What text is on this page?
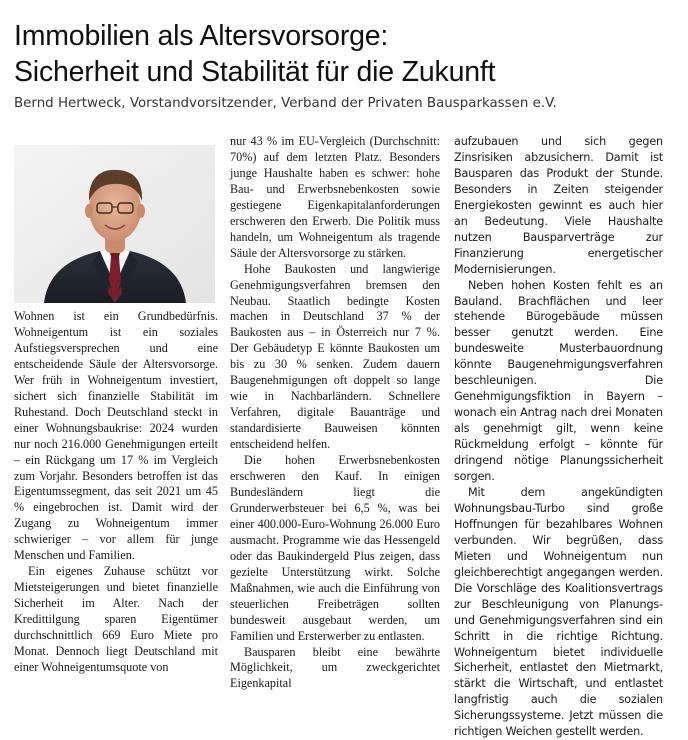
Immobilien als Altersvorsorge:
Sicherheit und Stabilität für die Zukunft
Bernd Hertweck, Vorstandvorsitzender, Verband der Privaten Bausparkassen e.V.

Wohnen ist ein Grundbedürfnis. Wohneigentum ist ein soziales Aufstiegsversprechen und eine entscheidende Säule der Altersvorsorge. Wer früh in Wohneigentum investiert, sichert sich finanzielle Stabilität im Ruhestand. Doch Deutschland steckt in einer Wohnungsbaukrise: 2024 wurden nur noch 216.000 Genehmigungen erteilt – ein Rückgang um 17 % im Vergleich zum Vorjahr. Besonders betroffen ist das Eigentumssegment, das seit 2021 um 45 % eingebrochen ist. Damit wird der Zugang zu Wohneigentum immer schwieriger – vor allem für junge Menschen und Familien.

Ein eigenes Zuhause schützt vor Mietsteigerungen und bietet finanzielle Sicherheit im Alter. Nach der Kredittilgung sparen Eigentümer durchschnittlich 669 Euro Miete pro Monat. Dennoch liegt Deutschland mit einer Wohneigentumsquote von

nur 43 % im EU-Vergleich (Durchschnitt: 70%) auf dem letzten Platz. Besonders junge Haushalte haben es schwer: hohe Bau- und Erwerbsnebenkosten sowie gestiegene Eigenkapitalanforderungen erschweren den Erwerb. Die Politik muss handeln, um Wohneigentum als tragende Säule der Altersvorsorge zu stärken.

Hohe Baukosten und langwierige Genehmigungsverfahren bremsen den Neubau. Staatlich bedingte Kosten machen in Deutschland 37 % der Baukosten aus – in Österreich nur 7 %. Der Gebäudetyp E könnte Baukosten um bis zu 30 % senken. Zudem dauern Baugenehmigungen oft doppelt so lange wie in Nachbarländern. Schnellere Verfahren, digitale Bauanträge und standardisierte Bauweisen könnten entscheidend helfen.

Die hohen Erwerbsnebenkosten erschweren den Kauf. In einigen Bundesländern liegt die Grunderwerbsteuer bei 6,5 %, was bei einer 400.000-Euro-Wohnung 26.000 Euro ausmacht. Programme wie das Hessengeld oder das Baukindergeld Plus zeigen, dass gezielte Unterstützung wirkt. Solche Maßnahmen, wie auch die Einführung von steuerlichen Freibeträgen sollten bundesweit ausgebaut werden, um Familien und Ersterwerber zu entlasten.

Bausparen bleibt eine bewährte Möglichkeit, um zweckgerichtet Eigenkapital

aufzubauen und sich gegen Zinsrisiken abzusichern. Damit ist Bausparen das Produkt der Stunde. Besonders in Zeiten steigender Energiekosten gewinnt es auch hier an Bedeutung. Viele Haushalte nutzen Bausparverträge zur Finanzierung energetischer Modernisierungen.

Neben hohen Kosten fehlt es an Bauland. Brachflächen und leer stehende Bürogebäude müssen besser genutzt werden. Eine bundesweite Musterbauordnung könnte Baugenehmigungsverfahren beschleunigen. Die Genehmigungsfiktion in Bayern – wonach ein Antrag nach drei Monaten als genehmigt gilt, wenn keine Rückmeldung erfolgt – könnte für dringend nötige Planungssicherheit sorgen.

Mit dem angekündigten Wohnungsbau-Turbo sind große Hoffnungen für bezahlbares Wohnen verbunden. Wir begrüßen, dass Mieten und Wohneigentum nun gleichberechtigt angegangen werden. Die Vorschläge des Koalitionsvertrags zur Beschleunigung von Planungs- und Genehmigungsverfahren sind ein Schritt in die richtige Richtung. Wohneigentum bietet individuelle Sicherheit, entlastet den Mietmarkt, stärkt die Wirtschaft, und entlastet langfristig auch die sozialen Sicherungssysteme. Jetzt müssen die richtigen Weichen gestellt werden.
